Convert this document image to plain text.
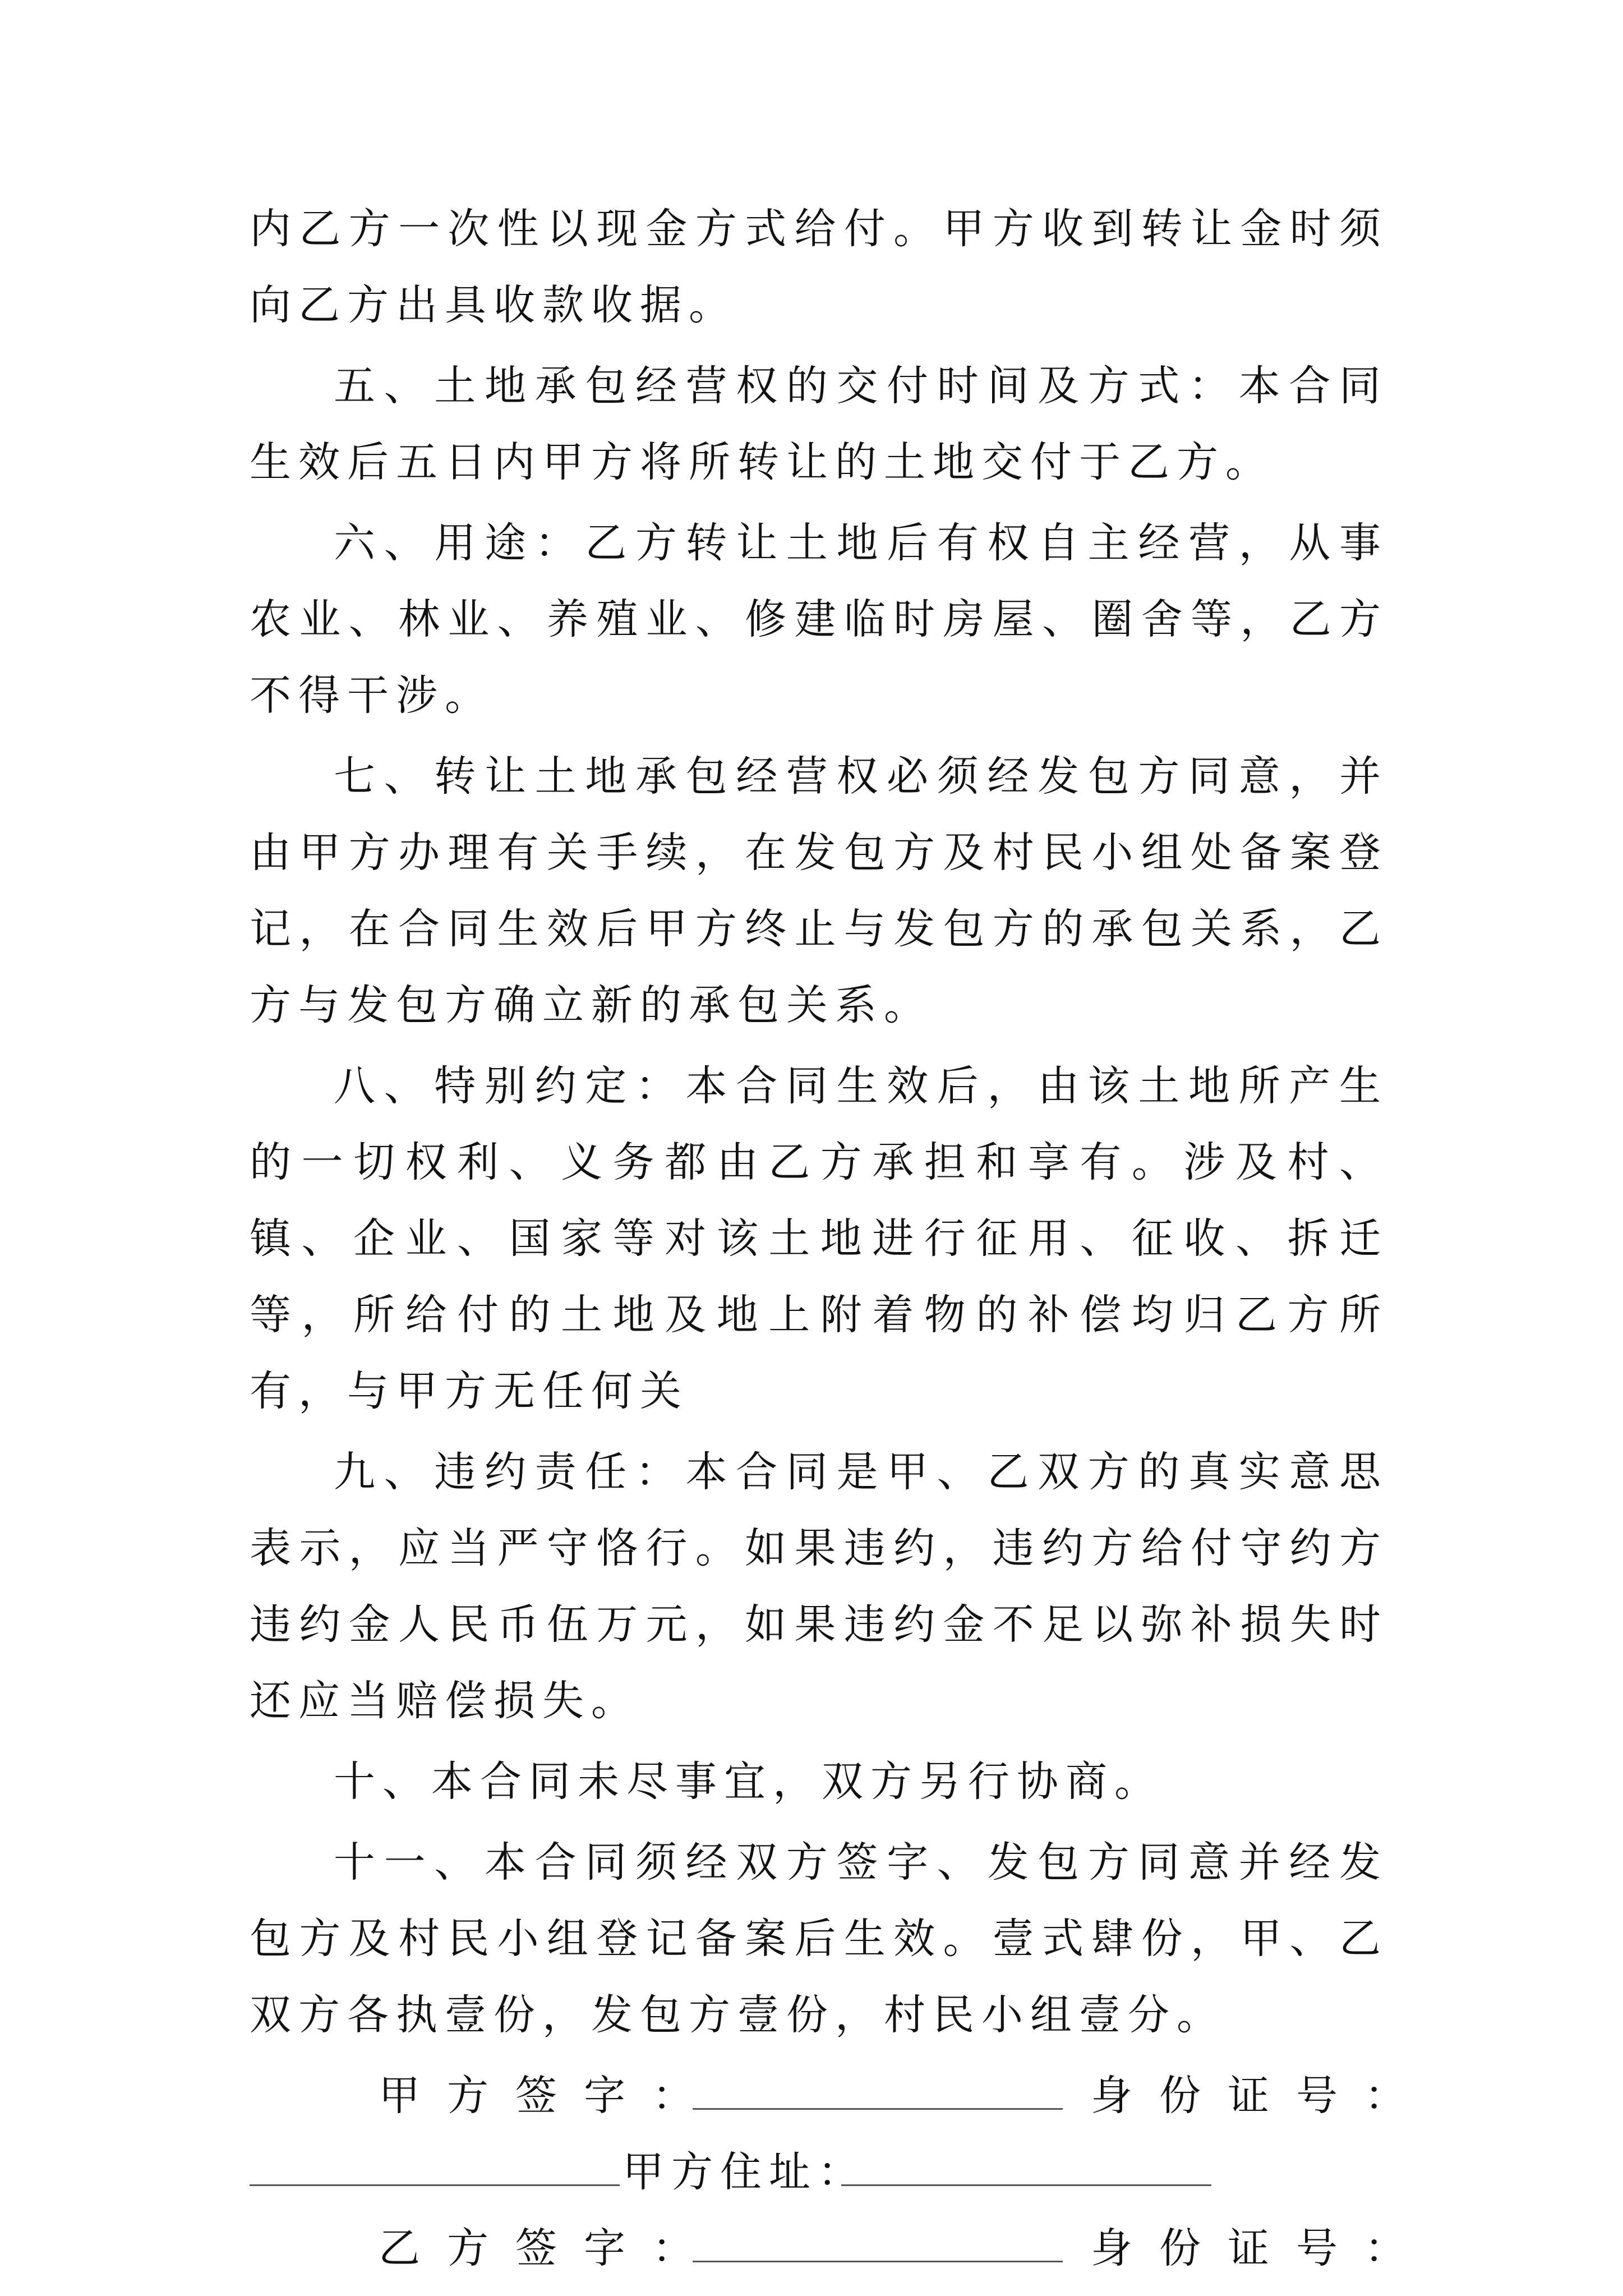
内乙方一次性以现金方式给付。甲方收到转让金时须向乙方出具收款收据。

五、土地承包经营权的交付时间及方式：本合同生效后五日内甲方将所转让的土地交付于乙方。

六、用途：乙方转让土地后有权自主经营，从事农业、林业、养殖业、修建临时房屋、圈舍等，乙方不得干涉。

七、转让土地承包经营权必须经发包方同意，并由甲方办理有关手续，在发包方及村民小组处备案登记，在合同生效后甲方终止与发包方的承包关系，乙方与发包方确立新的承包关系。

八、特别约定：本合同生效后，由该土地所产生的一切权利、义务都由乙方承担和享有。涉及村、镇、企业、国家等对该土地进行征用、征收、拆迁等，所给付的土地及地上附着物的补偿均归乙方所有，与甲方无任何关

九、违约责任：本合同是甲、乙双方的真实意思表示，应当严守恪行。如果违约，违约方给付守约方违约金人民币伍万元，如果违约金不足以弥补损失时还应当赔偿损失。

十、本合同未尽事宜，双方另行协商。

十一、本合同须经双方签字、发包方同意并经发包方及村民小组登记备案后生效。壹式肆份，甲、乙双方各执壹份，发包方壹份，村民小组壹分。

甲方签字：	身份证号：
甲方住址：
乙方签字：	身份证号：
